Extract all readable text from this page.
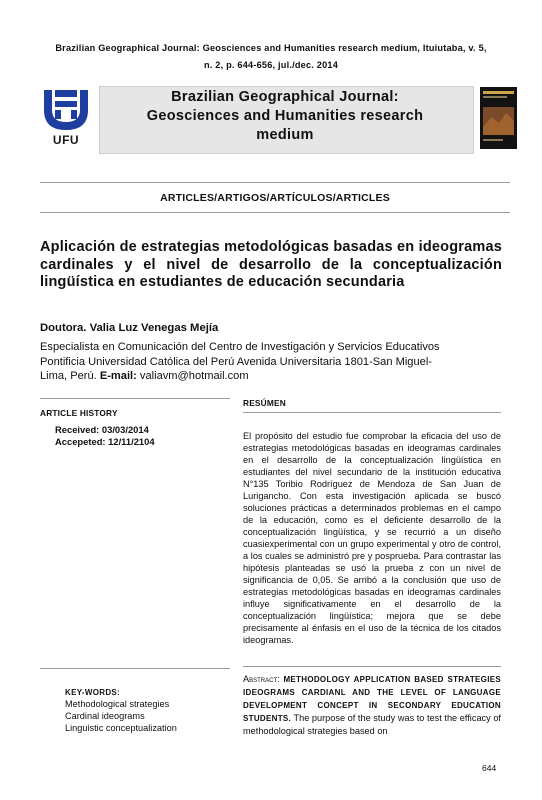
Brazilian Geographical Journal: Geosciences and Humanities research medium, Ituiutaba, v. 5,
n. 2, p. 644-656, jul./dec. 2014
UFU
Brazilian Geographical Journal:
Geosciences and Humanities research
medium
ARTICLES/ARTIGOS/ARTÍCULOS/ARTICLES
Aplicación de estrategias metodológicas basadas en ideogramas cardinales y el nivel de desarrollo de la conceptualización lingüística en estudiantes de educación secundaria
Doutora. Valia Luz Venegas Mejía
Especialista en Comunicación del Centro de Investigación y Servicios Educativos
Pontificia Universidad Católica del Perú Avenida Universitaria 1801-San Miguel-
Lima, Perú. E-mail: valiavm@hotmail.com
ARTICLE HISTORY
Received: 03/03/2014
Accepeted: 12/11/2104
RESÚMEN
El propósito del estudio fue comprobar la eficacia del uso de estrategias metodológicas basadas en ideogramas cardinales en el desarrollo de la conceptualización lingüística en estudiantes del nivel secundario de la institución educativa N°135 Toribio Rodríguez de Mendoza de San Juan de Lurigancho. Con esta investigación aplicada se buscó soluciones prácticas a determinados problemas en el campo de la educación, como es el deficiente desarrollo de la conceptualización lingüística, y se recurrió a un diseño cuasiexperimental con un grupo experimental y otro de control, a los cuales se administró pre y posprueba. Para contrastar las hipótesis planteadas se usó la prueba z con un nivel de significancia de 0,05. Se arribó a la conclusión que uso de estrategias metodológicas basadas en ideogramas cardinales influye significativamente en el desarrollo de la conceptualización lingüística; mejora que se debe precisamente al énfasis en el uso de la técnica de los citados ideogramas.
KEY-WORDS:
Methodological strategies
Cardinal ideograms
Linguistic conceptualization
Abstract: METHODOLOGY APPLICATION BASED STRATEGIES IDEOGRAMS CARDIANL AND THE LEVEL OF LANGUAGE DEVELOPMENT CONCEPT IN SECONDARY EDUCATION STUDENTS. The purpose of the study was to test the efficacy of methodological strategies based on
644
